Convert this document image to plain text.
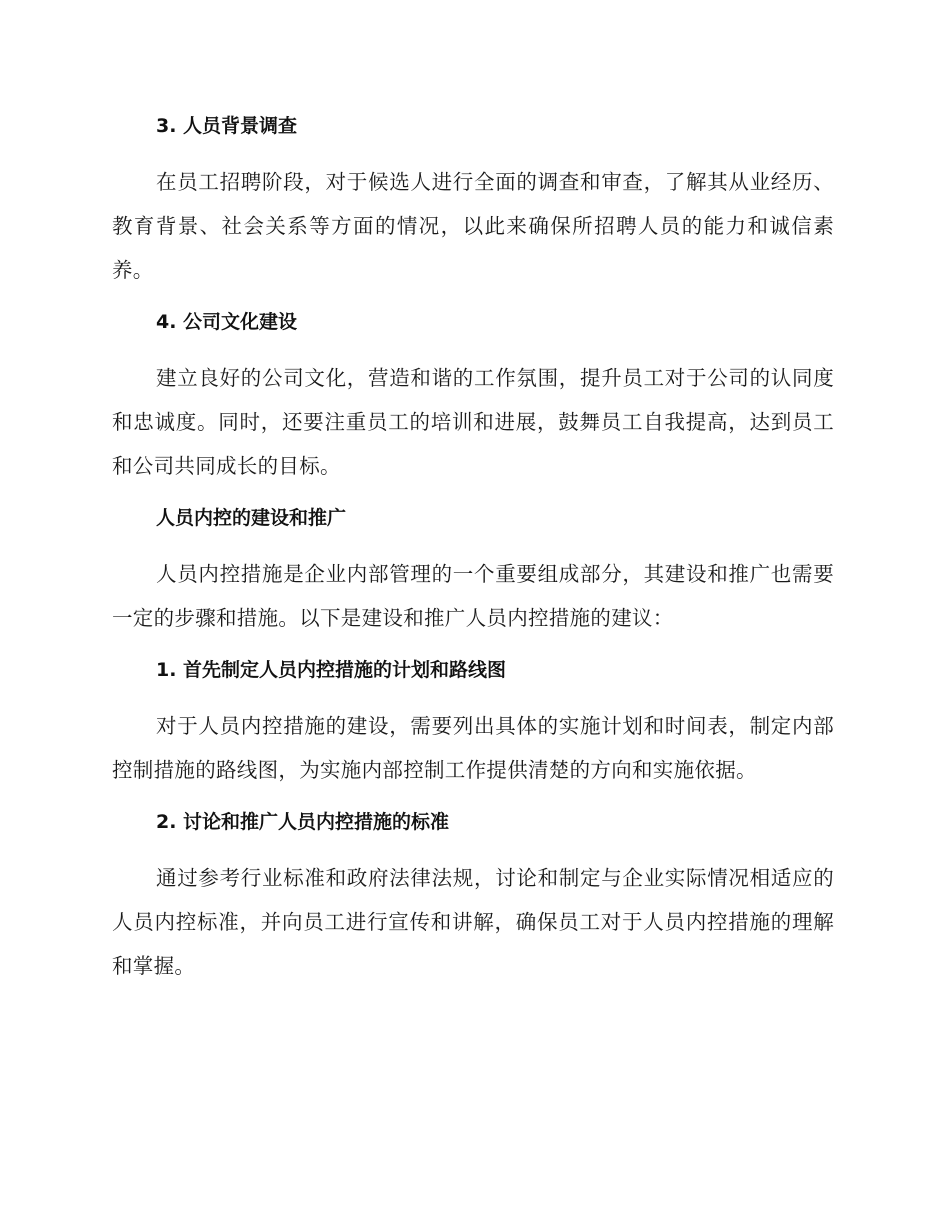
3. 人员背景调查

在员工招聘阶段，对于候选人进行全面的调查和审查，了解其从业经历、教育背景、社会关系等方面的情况，以此来确保所招聘人员的能力和诚信素养。

4. 公司文化建设

建立良好的公司文化，营造和谐的工作氛围，提升员工对于公司的认同度和忠诚度。同时，还要注重员工的培训和进展，鼓舞员工自我提高，达到员工和公司共同成长的目标。

人员内控的建设和推广

人员内控措施是企业内部管理的一个重要组成部分，其建设和推广也需要一定的步骤和措施。以下是建设和推广人员内控措施的建议：

1. 首先制定人员内控措施的计划和路线图

对于人员内控措施的建设，需要列出具体的实施计划和时间表，制定内部控制措施的路线图，为实施内部控制工作提供清楚的方向和实施依据。

2. 讨论和推广人员内控措施的标准

通过参考行业标准和政府法律法规，讨论和制定与企业实际情况相适应的人员内控标准，并向员工进行宣传和讲解，确保员工对于人员内控措施的理解和掌握。
